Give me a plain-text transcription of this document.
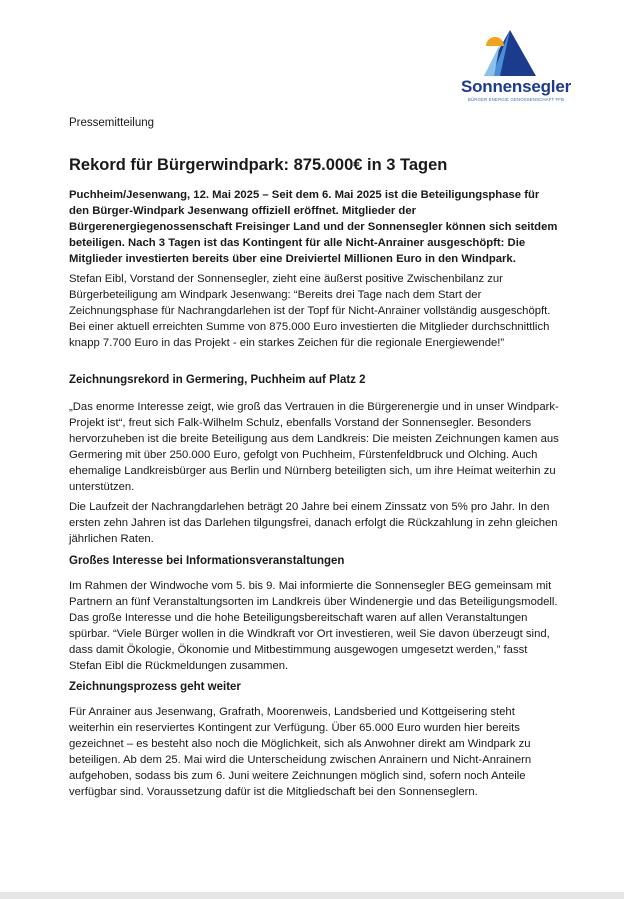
Sonnensegler
BÜRGER ENERGIE GENOSSENSCHAFT FFB
Pressemitteilung
Rekord für Bürgerwindpark: 875.000€ in 3 Tagen

Puchheim/Jesenwang, 12. Mai 2025 – Seit dem 6. Mai 2025 ist die Beteiligungsphase für den Bürger-Windpark Jesenwang offiziell eröffnet. Mitglieder der Bürgerenergiegenossenschaft Freisinger Land und der Sonnensegler können sich seitdem beteiligen. Nach 3 Tagen ist das Kontingent für alle Nicht-Anrainer ausgeschöpft: Die Mitglieder investierten bereits über eine Dreiviertel Millionen Euro in den Windpark.

Stefan Eibl, Vorstand der Sonnensegler, zieht eine äußerst positive Zwischenbilanz zur Bürgerbeteiligung am Windpark Jesenwang: “Bereits drei Tage nach dem Start der Zeichnungsphase für Nachrangdarlehen ist der Topf für Nicht-Anrainer vollständig ausgeschöpft. Bei einer aktuell erreichten Summe von 875.000 Euro investierten die Mitglieder durchschnittlich knapp 7.700 Euro in das Projekt - ein starkes Zeichen für die regionale Energiewende!”

Zeichnungsrekord in Germering, Puchheim auf Platz 2

„Das enorme Interesse zeigt, wie groß das Vertrauen in die Bürgerenergie und in unser Windpark-Projekt ist“, freut sich Falk-Wilhelm Schulz, ebenfalls Vorstand der Sonnensegler. Besonders hervorzuheben ist die breite Beteiligung aus dem Landkreis: Die meisten Zeichnungen kamen aus Germering mit über 250.000 Euro, gefolgt von Puchheim, Fürstenfeldbruck und Olching. Auch ehemalige Landkreisbürger aus Berlin und Nürnberg beteiligten sich, um ihre Heimat weiterhin zu unterstützen.

Die Laufzeit der Nachrangdarlehen beträgt 20 Jahre bei einem Zinssatz von 5% pro Jahr. In den ersten zehn Jahren ist das Darlehen tilgungsfrei, danach erfolgt die Rückzahlung in zehn gleichen jährlichen Raten.

Großes Interesse bei Informationsveranstaltungen

Im Rahmen der Windwoche vom 5. bis 9. Mai informierte die Sonnensegler BEG gemeinsam mit Partnern an fünf Veranstaltungsorten im Landkreis über Windenergie und das Beteiligungsmodell. Das große Interesse und die hohe Beteiligungsbereitschaft waren auf allen Veranstaltungen spürbar. “Viele Bürger wollen in die Windkraft vor Ort investieren, weil Sie davon überzeugt sind, dass damit Ökologie, Ökonomie und Mitbestimmung ausgewogen umgesetzt werden,” fasst Stefan Eibl die Rückmeldungen zusammen.

Zeichnungsprozess geht weiter

Für Anrainer aus Jesenwang, Grafrath, Moorenweis, Landsberied und Kottgeisering steht weiterhin ein reserviertes Kontingent zur Verfügung. Über 65.000 Euro wurden hier bereits gezeichnet – es besteht also noch die Möglichkeit, sich als Anwohner direkt am Windpark zu beteiligen. Ab dem 25. Mai wird die Unterscheidung zwischen Anrainern und Nicht-Anrainern aufgehoben, sodass bis zum 6. Juni weitere Zeichnungen möglich sind, sofern noch Anteile verfügbar sind. Voraussetzung dafür ist die Mitgliedschaft bei den Sonnenseglern.
